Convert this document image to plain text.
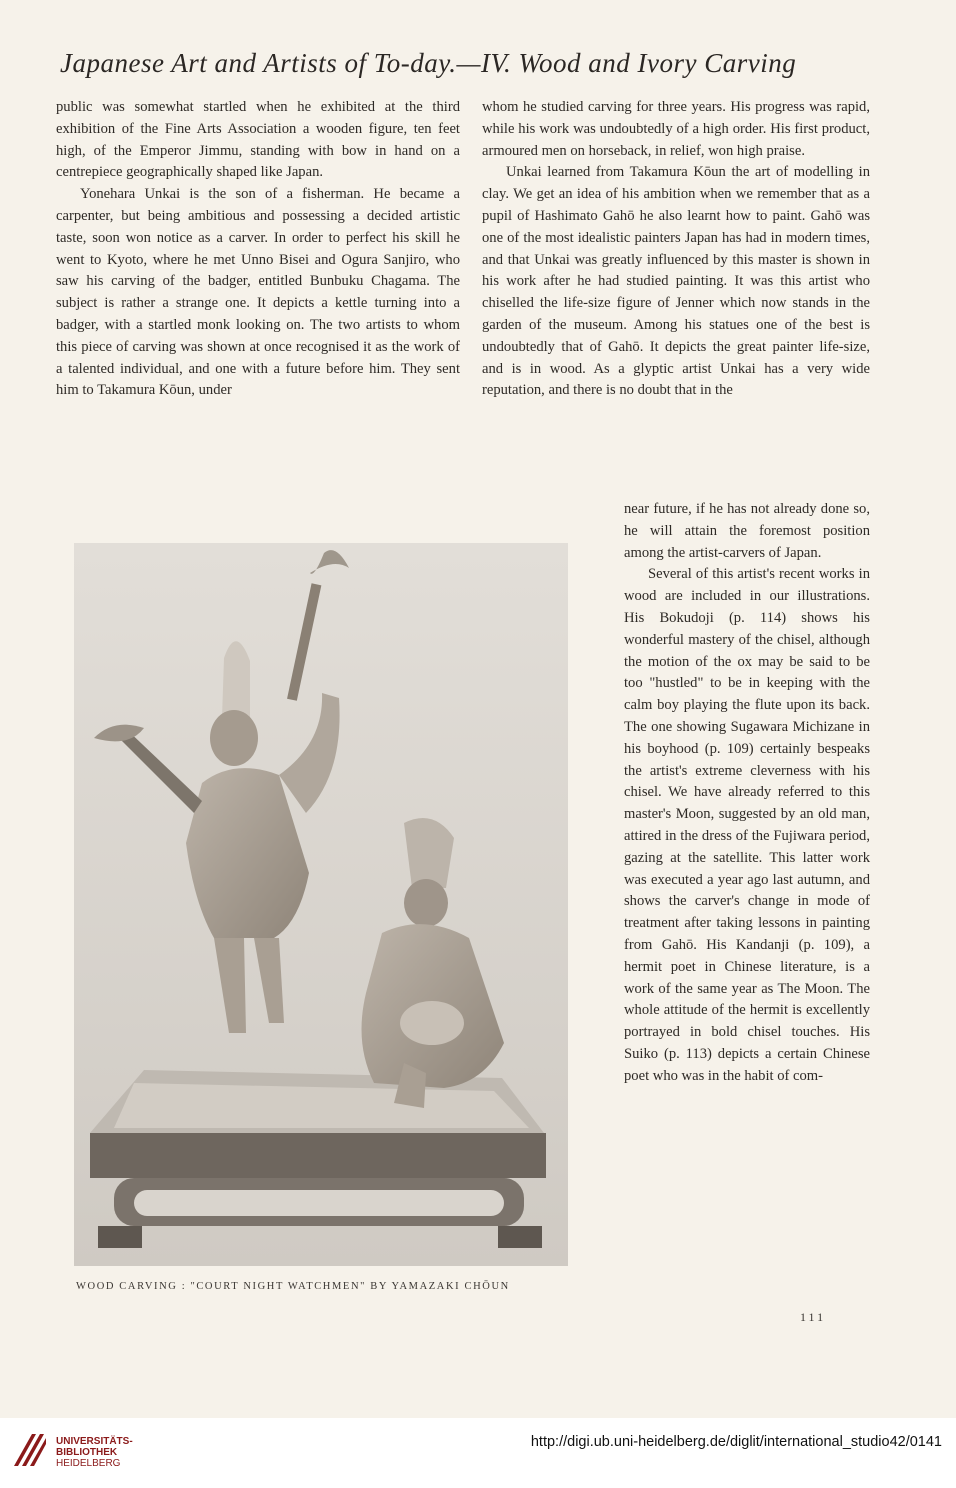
Japanese Art and Artists of To-day.—IV. Wood and Ivory Carving

public was somewhat startled when he exhibited at the third exhibition of the Fine Arts Association a wooden figure, ten feet high, of the Emperor Jimmu, standing with bow in hand on a centrepiece geographically shaped like Japan.

Yonehara Unkai is the son of a fisherman. He became a carpenter, but being ambitious and possessing a decided artistic taste, soon won notice as a carver. In order to perfect his skill he went to Kyoto, where he met Unno Bisei and Ogura Sanjiro, who saw his carving of the badger, entitled Bunbuku Chagama. The subject is rather a strange one. It depicts a kettle turning into a badger, with a startled monk looking on. The two artists to whom this piece of carving was shown at once recognised it as the work of a talented individual, and one with a future before him. They sent him to Takamura Kōun, under

whom he studied carving for three years. His progress was rapid, while his work was undoubtedly of a high order. His first product, armoured men on horseback, in relief, won high praise.

Unkai learned from Takamura Kōun the art of modelling in clay. We get an idea of his ambition when we remember that as a pupil of Hashimato Gahō he also learnt how to paint. Gahō was one of the most idealistic painters Japan has had in modern times, and that Unkai was greatly influenced by this master is shown in his work after he had studied painting. It was this artist who chiselled the life-size figure of Jenner which now stands in the garden of the museum. Among his statues one of the best is undoubtedly that of Gahō. It depicts the great painter life-size, and is in wood. As a glyptic artist Unkai has a very wide reputation, and there is no doubt that in the

near future, if he has not already done so, he will attain the foremost position among the artist-carvers of Japan.

Several of this artist's recent works in wood are included in our illustrations. His Bokudoji (p. 114) shows his wonderful mastery of the chisel, although the motion of the ox may be said to be too "hustled" to be in keeping with the calm boy playing the flute upon its back. The one showing Sugawara Michizane in his boyhood (p. 109) certainly bespeaks the artist's extreme cleverness with his chisel. We have already referred to this master's Moon, suggested by an old man, attired in the dress of the Fujiwara period, gazing at the satellite. This latter work was executed a year ago last autumn, and shows the carver's change in mode of treatment after taking lessons in painting from Gahō. His Kandanji (p. 109), a hermit poet in Chinese literature, is a work of the same year as The Moon. The whole attitude of the hermit is excellently portrayed in bold chisel touches. His Suiko (p. 113) depicts a certain Chinese poet who was in the habit of com-

WOOD CARVING : "COURT NIGHT WATCHMEN" BY YAMAZAKI CHŌUN
111
UNIVERSITÄTS-
BIBLIOTHEK
HEIDELBERG
http://digi.ub.uni-heidelberg.de/diglit/international_studio42/0141
